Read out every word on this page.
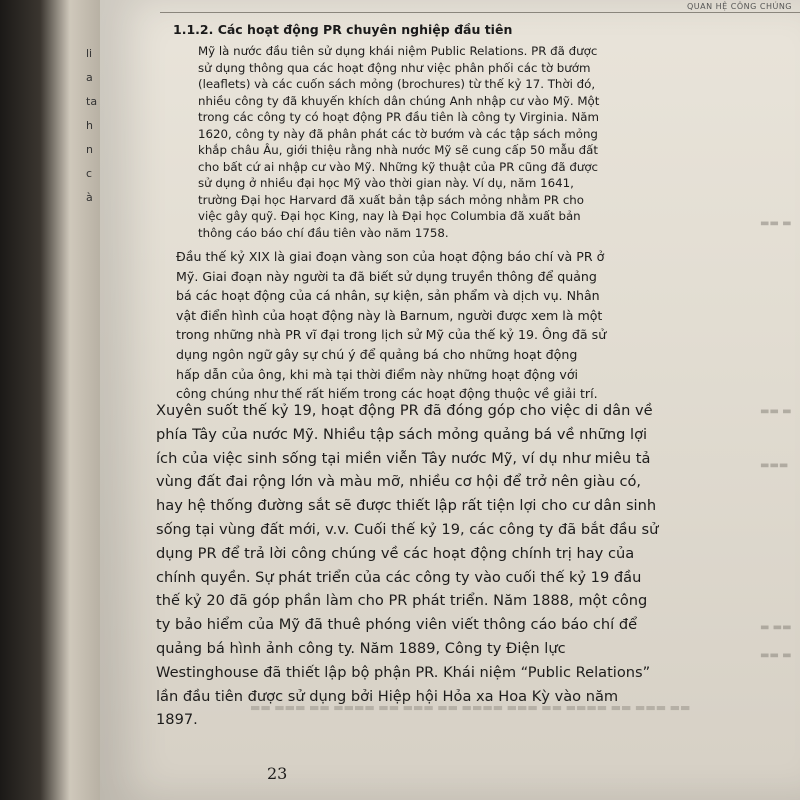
li
a
ta
h
n
c
à
QUAN HỆ CÔNG CHÚNG
1.1.2. Các hoạt động PR chuyên nghiệp đầu tiên
Mỹ là nước đầu tiên sử dụng khái niệm Public Relations. PR đã được
sử dụng thông qua các hoạt động như việc phân phối các tờ bướm
(leaflets) và các cuốn sách mỏng (brochures) từ thế kỷ 17. Thời đó,
nhiều công ty đã khuyến khích dân chúng Anh nhập cư vào Mỹ. Một
trong các công ty có hoạt động PR đầu tiên là công ty Virginia. Năm
1620, công ty này đã phân phát các tờ bướm và các tập sách mỏng
khắp châu Âu, giới thiệu rằng nhà nước Mỹ sẽ cung cấp 50 mẫu đất
cho bất cứ ai nhập cư vào Mỹ. Những kỹ thuật của PR cũng đã được
sử dụng ở nhiều đại học Mỹ vào thời gian này. Ví dụ, năm 1641,
trường Đại học Harvard đã xuất bản tập sách mỏng nhằm PR cho
việc gây quỹ. Đại học King, nay là Đại học Columbia đã xuất bản
thông cáo báo chí đầu tiên vào năm 1758.
Đầu thế kỷ XIX là giai đoạn vàng son của hoạt động báo chí và PR ở
Mỹ. Giai đoạn này người ta đã biết sử dụng truyền thông để quảng
bá các hoạt động của cá nhân, sự kiện, sản phẩm và dịch vụ. Nhân
vật điển hình của hoạt động này là Barnum, người được xem là một
trong những nhà PR vĩ đại trong lịch sử Mỹ của thế kỷ 19. Ông đã sử
dụng ngôn ngữ gây sự chú ý để quảng bá cho những hoạt động
hấp dẫn của ông, khi mà tại thời điểm này những hoạt động với
công chúng như thế rất hiếm trong các hoạt động thuộc về giải trí.
Xuyên suốt thế kỷ 19, hoạt động PR đã đóng góp cho việc di dân về
phía Tây của nước Mỹ. Nhiều tập sách mỏng quảng bá về những lợi
ích của việc sinh sống tại miền viễn Tây nước Mỹ, ví dụ như miêu tả
vùng đất đai rộng lớn và màu mỡ, nhiều cơ hội để trở nên giàu có,
hay hệ thống đường sắt sẽ được thiết lập rất tiện lợi cho cư dân sinh
sống tại vùng đất mới, v.v. Cuối thế kỷ 19, các công ty đã bắt đầu sử
dụng PR để trả lời công chúng về các hoạt động chính trị hay của
chính quyền. Sự phát triển của các công ty vào cuối thế kỷ 19 đầu
thế kỷ 20 đã góp phần làm cho PR phát triển. Năm 1888, một công
ty bảo hiểm của Mỹ đã thuê phóng viên viết thông cáo báo chí để
quảng bá hình ảnh công ty. Năm 1889, Công ty Điện lực
Westinghouse đã thiết lập bộ phận PR. Khái niệm “Public Relations”
lần đầu tiên được sử dụng bởi Hiệp hội Hỏa xa Hoa Kỳ vào năm
1897.
▬▬ ▬
▬▬ ▬
▬▬▬
▬ ▬▬
▬▬ ▬
▬▬ ▬▬▬ ▬▬ ▬▬▬▬ ▬▬ ▬▬▬ ▬▬ ▬▬▬▬ ▬▬▬ ▬▬ ▬▬▬▬ ▬▬ ▬▬▬ ▬▬
23
